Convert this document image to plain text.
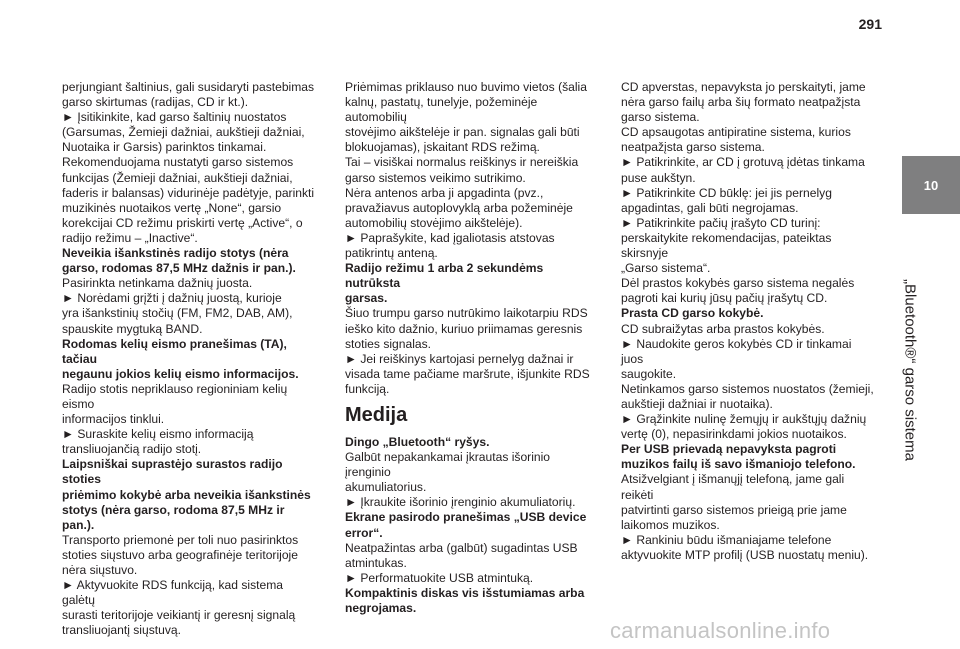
291
10
„Bluetooth®“ garso sistema

perjungiant šaltinius, gali susidaryti pastebimas

garso skirtumas (radijas, CD ir kt.).

► Įsitikinkite, kad garso šaltinių nuostatos

(Garsumas, Žemieji dažniai, aukštieji dažniai,

Nuotaika ir Garsis) parinktos tinkamai.

Rekomenduojama nustatyti garso sistemos

funkcijas (Žemieji dažniai, aukštieji dažniai,

faderis ir balansas) vidurinėje padėtyje, parinkti

muzikinės nuotaikos vertę „None“, garsio

korekcijai CD režimu priskirti vertę „Active“, o

radijo režimu – „Inactive“.

Neveikia išankstinės radijo stotys (nėra

garso, rodomas 87,5 MHz dažnis ir pan.).

Pasirinkta netinkama dažnių juosta.

► Norėdami grįžti į dažnių juostą, kurioje

yra išankstinių stočių (FM, FM2, DAB, AM),

spauskite mygtuką BAND.

Rodomas kelių eismo pranešimas (TA), tačiau

negaunu jokios kelių eismo informacijos.

Radijo stotis nepriklauso regioniniam kelių eismo

informacijos tinklui.

► Suraskite kelių eismo informaciją

transliuojančią radijo stotį.

Laipsniškai suprastėjo surastos radijo stoties

priėmimo kokybė arba neveikia išankstinės

stotys (nėra garso, rodoma 87,5 MHz ir pan.).

Transporto priemonė per toli nuo pasirinktos

stoties siųstuvo arba geografinėje teritorijoje

nėra siųstuvo.

► Aktyvuokite RDS funkciją, kad sistema galėtų

surasti teritorijoje veikiantį ir geresnį signalą

transliuojantį siųstuvą.

Priėmimas priklauso nuo buvimo vietos (šalia

kalnų, pastatų, tunelyje, požeminėje automobilių

stovėjimo aikštelėje ir pan. signalas gali būti

blokuojamas), įskaitant RDS režimą.

Tai – visiškai normalus reiškinys ir nereiškia

garso sistemos veikimo sutrikimo.

Nėra antenos arba ji apgadinta (pvz.,

pravažiavus autoplovyklą arba požeminėje

automobilių stovėjimo aikštelėje).

► Paprašykite, kad įgaliotasis atstovas

patikrintų anteną.

Radijo režimu 1 arba 2 sekundėms nutrūksta

garsas.

Šiuo trumpu garso nutrūkimo laikotarpiu RDS

ieško kito dažnio, kuriuo priimamas geresnis

stoties signalas.

► Jei reiškinys kartojasi pernelyg dažnai ir

visada tame pačiame maršrute, išjunkite RDS

funkciją.

Medija

Dingo „Bluetooth“ ryšys.

Galbūt nepakankamai įkrautas išorinio įrenginio

akumuliatorius.

► Įkraukite išorinio įrenginio akumuliatorių.

Ekrane pasirodo pranešimas „USB device

error“.

Neatpažintas arba (galbūt) sugadintas USB

atmintukas.

► Performatuokite USB atmintuką.

Kompaktinis diskas vis išstumiamas arba

negrojamas.

CD apverstas, nepavyksta jo perskaityti, jame

nėra garso failų arba šių formato neatpažįsta

garso sistema.

CD apsaugotas antipiratine sistema, kurios

neatpažįsta garso sistema.

► Patikrinkite, ar CD į grotuvą įdėtas tinkama

puse aukštyn.

► Patikrinkite CD būklę: jei jis pernelyg

apgadintas, gali būti negrojamas.

► Patikrinkite pačių įrašyto CD turinį:

perskaitykite rekomendacijas, pateiktas skirsnyje

„Garso sistema“.

Dėl prastos kokybės garso sistema negalės

pagroti kai kurių jūsų pačių įrašytų CD.

Prasta CD garso kokybė.

CD subraižytas arba prastos kokybės.

► Naudokite geros kokybės CD ir tinkamai juos

saugokite.

Netinkamos garso sistemos nuostatos (žemieji,

aukštieji dažniai ir nuotaika).

► Grąžinkite nulinę žemųjų ir aukštųjų dažnių

vertę (0), nepasirinkdami jokios nuotaikos.

Per USB prievadą nepavyksta pagroti

muzikos failų iš savo išmaniojo telefono.

Atsižvelgiant į išmanųjį telefoną, jame gali reikėti

patvirtinti garso sistemos prieigą prie jame

laikomos muzikos.

► Rankiniu būdu išmaniajame telefone

aktyvuokite MTP profilį (USB nuostatų meniu).

carmanualsonline.info
